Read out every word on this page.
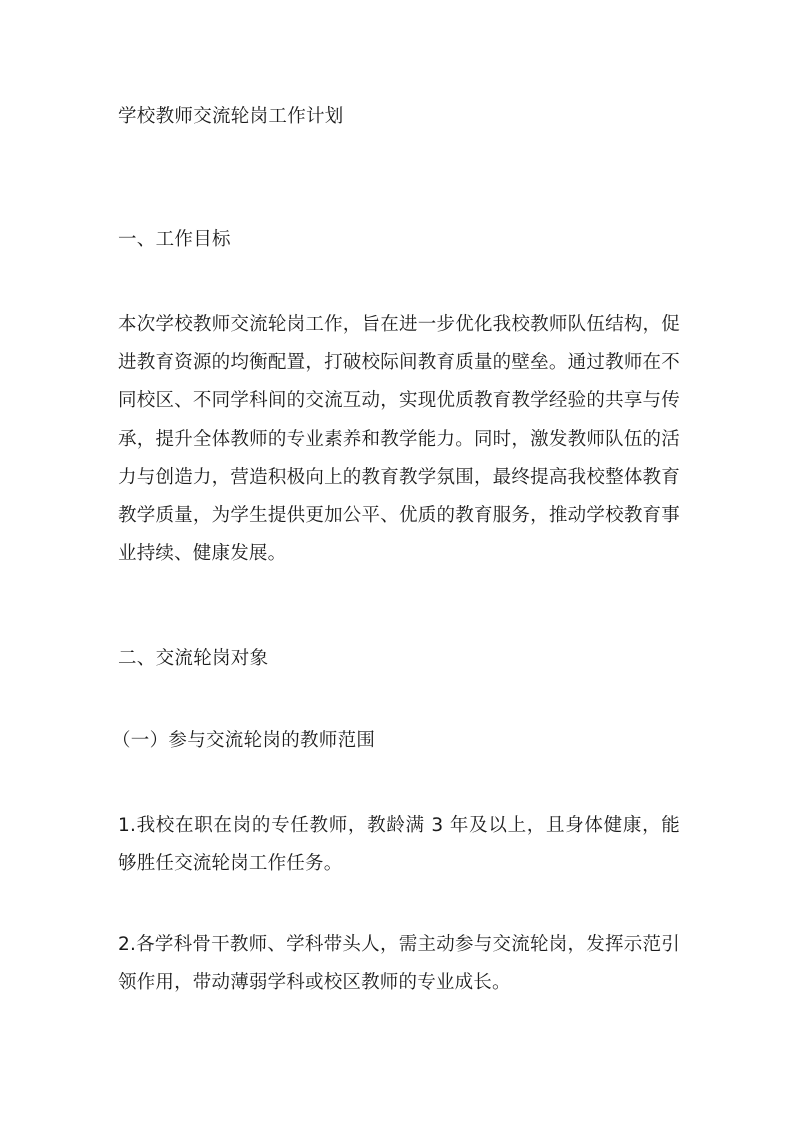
学校教师交流轮岗工作计划
一、工作目标
本次学校教师交流轮岗工作，旨在进一步优化我校教师队伍结构，促进教育资源的均衡配置，打破校际间教育质量的壁垒。通过教师在不同校区、不同学科间的交流互动，实现优质教育教学经验的共享与传承，提升全体教师的专业素养和教学能力。同时，激发教师队伍的活力与创造力，营造积极向上的教育教学氛围，最终提高我校整体教育教学质量，为学生提供更加公平、优质的教育服务，推动学校教育事业持续、健康发展。
二、交流轮岗对象
（一）参与交流轮岗的教师范围
1.我校在职在岗的专任教师，教龄满 3 年及以上，且身体健康，能够胜任交流轮岗工作任务。
2.各学科骨干教师、学科带头人，需主动参与交流轮岗，发挥示范引领作用，带动薄弱学科或校区教师的专业成长。
